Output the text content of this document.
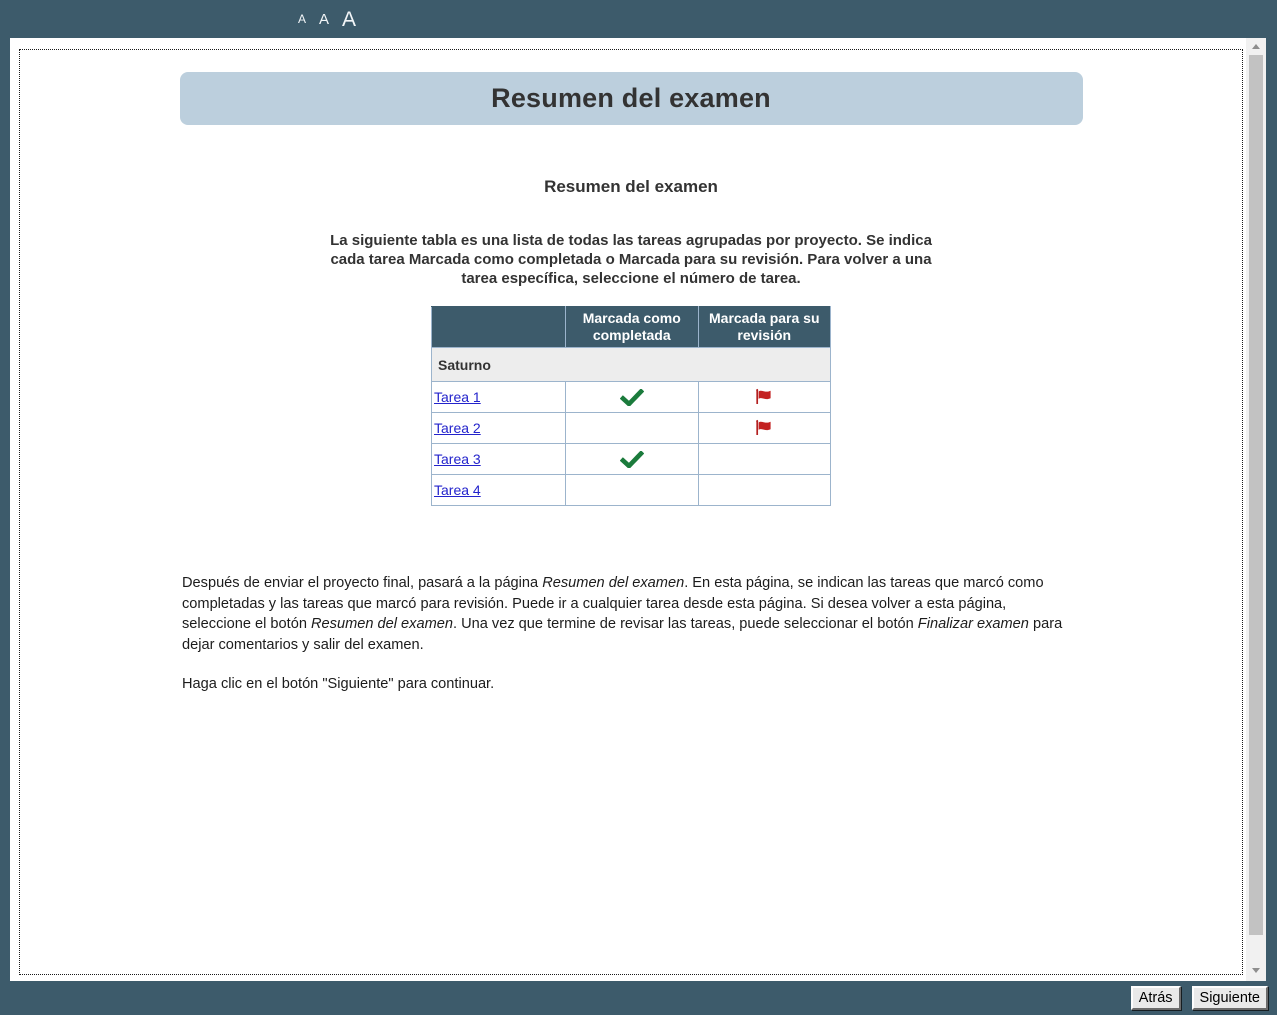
A A A
Resumen del examen
Resumen del examen

La siguiente tabla es una lista de todas las tareas agrupadas por proyecto. Se indica cada tarea Marcada como completada o Marcada para su revisión. Para volver a una tarea específica, seleccione el número de tarea.

	Marcada como completada	Marcada para su revisión
Saturno		
Tarea 1		
Tarea 2		
Tarea 3		
Tarea 4		

Después de enviar el proyecto final, pasará a la página Resumen del examen. En esta página, se indican las tareas que marcó como completadas y las tareas que marcó para revisión. Puede ir a cualquier tarea desde esta página. Si desea volver a esta página, seleccione el botón Resumen del examen. Una vez que termine de revisar las tareas, puede seleccionar el botón Finalizar examen para dejar comentarios y salir del examen.

Haga clic en el botón "Siguiente" para continuar.

Atrás	Siguiente
